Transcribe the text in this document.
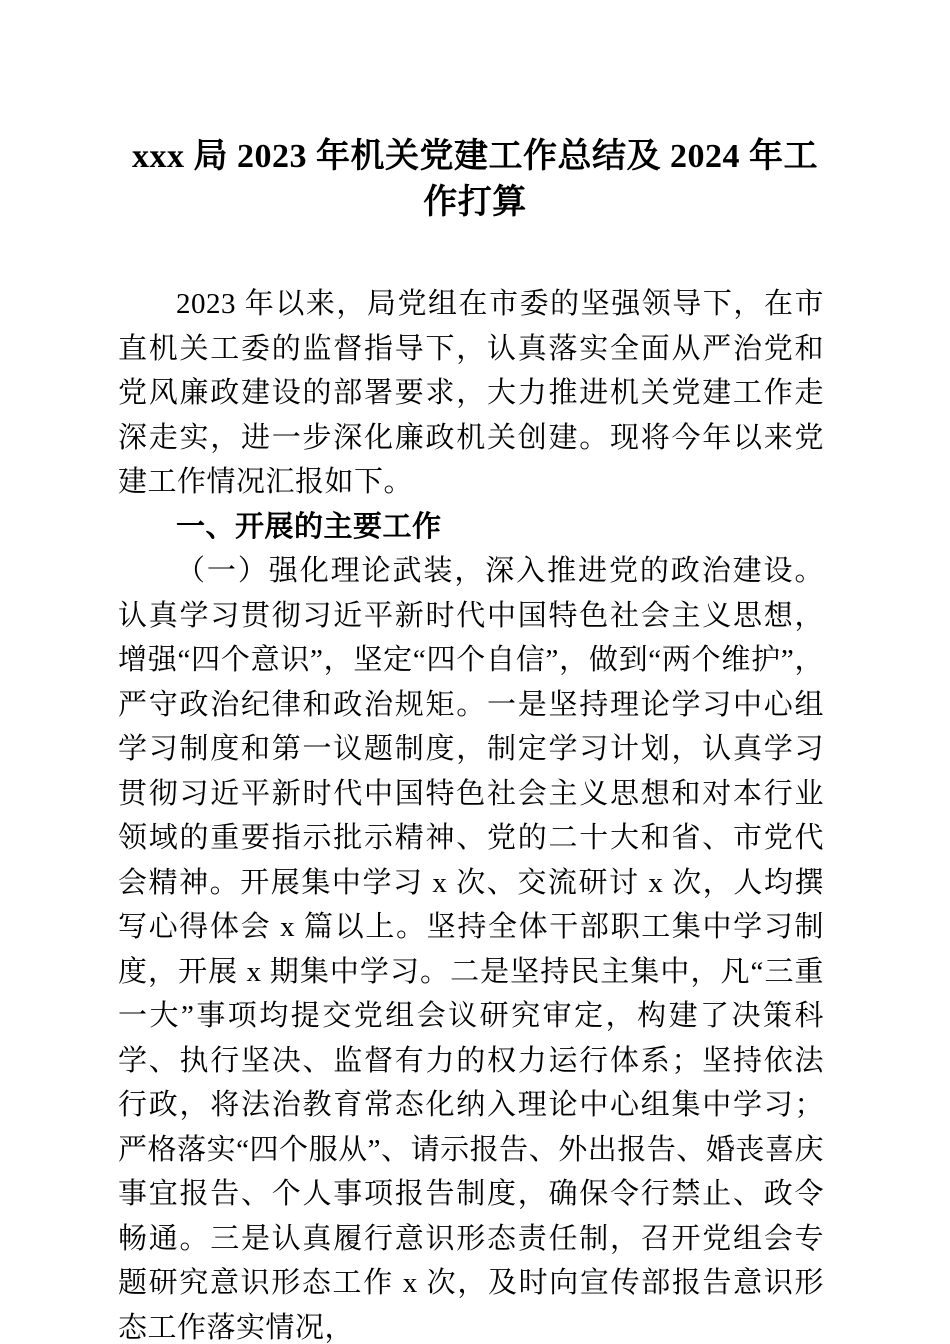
xxx 局 2023 年机关党建工作总结及 2024 年工
作打算

2023 年以来，局党组在市委的坚强领导下，在市直机关工委的监督指导下，认真落实全面从严治党和党风廉政建设的部署要求，大力推进机关党建工作走深走实，进一步深化廉政机关创建。现将今年以来党建工作情况汇报如下。

一、开展的主要工作

（一）强化理论武装，深入推进党的政治建设。认真学习贯彻习近平新时代中国特色社会主义思想，增强“四个意识”，坚定“四个自信”，做到“两个维护”，严守政治纪律和政治规矩。一是坚持理论学习中心组学习制度和第一议题制度，制定学习计划，认真学习贯彻习近平新时代中国特色社会主义思想和对本行业领域的重要指示批示精神、党的二十大和省、市党代会精神。开展集中学习 x 次、交流研讨 x 次，人均撰写心得体会 x 篇以上。坚持全体干部职工集中学习制度，开展 x 期集中学习。二是坚持民主集中，凡“三重一大”事项均提交党组会议研究审定，构建了决策科学、执行坚决、监督有力的权力运行体系；坚持依法行政，将法治教育常态化纳入理论中心组集中学习；严格落实“四个服从”、请示报告、外出报告、婚丧喜庆事宜报告、个人事项报告制度，确保令行禁止、政令畅通。三是认真履行意识形态责任制，召开党组会专题研究意识形态工作 x 次，及时向宣传部报告意识形态工作落实情况，
